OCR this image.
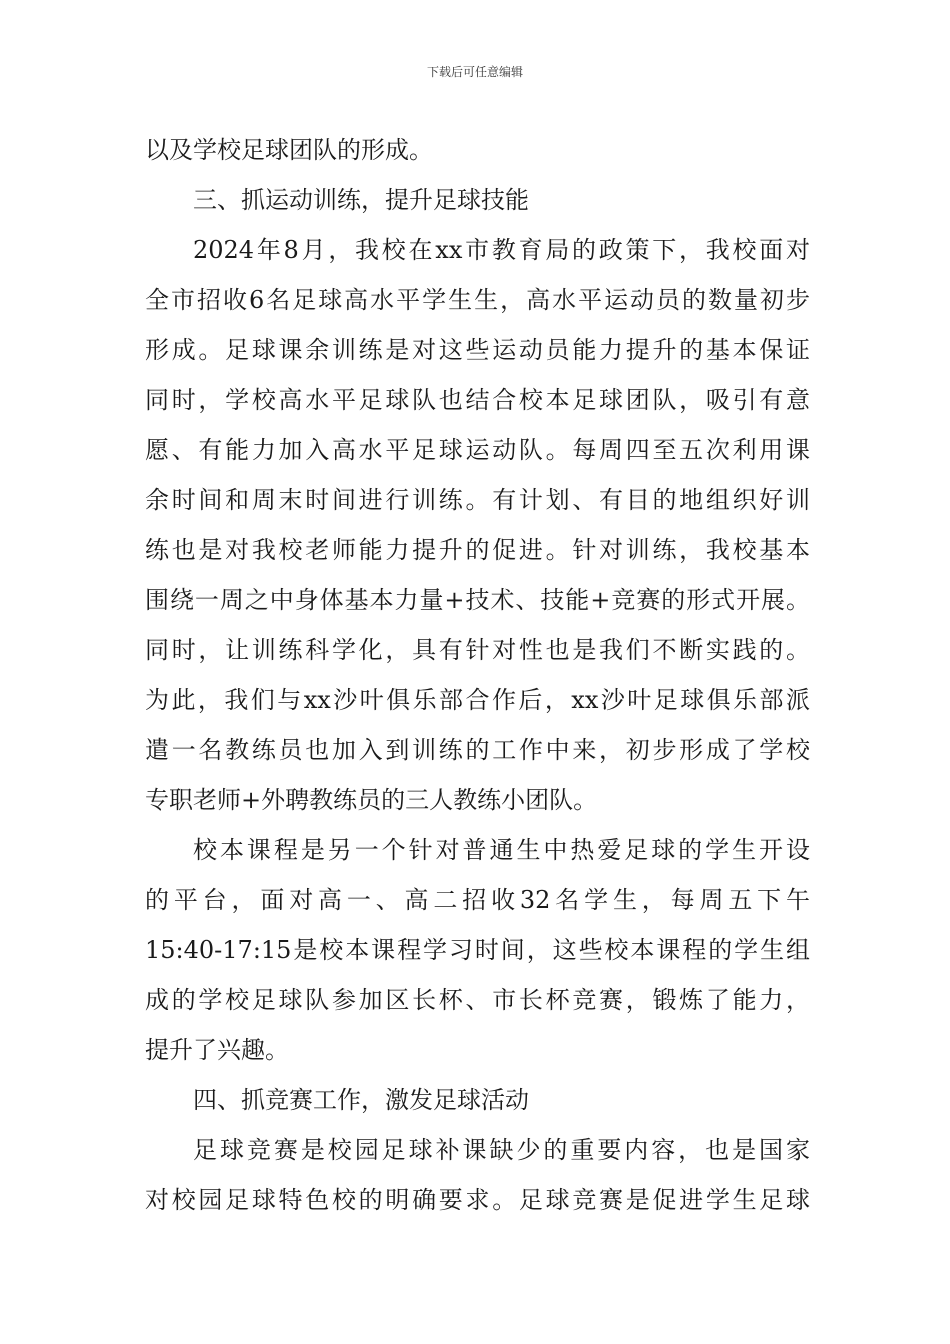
下载后可任意编辑
以及学校足球团队的形成。
三、抓运动训练，提升足球技能
2024年8月，我校在xx市教育局的政策下，我校面对
全市招收6名足球高水平学生生，高水平运动员的数量初步
形成。足球课余训练是对这些运动员能力提升的基本保证
同时，学校高水平足球队也结合校本足球团队，吸引有意
愿、有能力加入高水平足球运动队。每周四至五次利用课
余时间和周末时间进行训练。有计划、有目的地组织好训
练也是对我校老师能力提升的促进。针对训练，我校基本
围绕一周之中身体基本力量+技术、技能+竞赛的形式开展。
同时，让训练科学化，具有针对性也是我们不断实践的。
为此，我们与xx沙叶俱乐部合作后，xx沙叶足球俱乐部派
遣一名教练员也加入到训练的工作中来，初步形成了学校
专职老师+外聘教练员的三人教练小团队。
校本课程是另一个针对普通生中热爱足球的学生开设
的平台，面对高一、高二招收32名学生，每周五下午
15:40-17:15是校本课程学习时间，这些校本课程的学生组
成的学校足球队参加区长杯、市长杯竞赛，锻炼了能力，
提升了兴趣。
四、抓竞赛工作，激发足球活动
足球竞赛是校园足球补课缺少的重要内容，也是国家
对校园足球特色校的明确要求。足球竞赛是促进学生足球
